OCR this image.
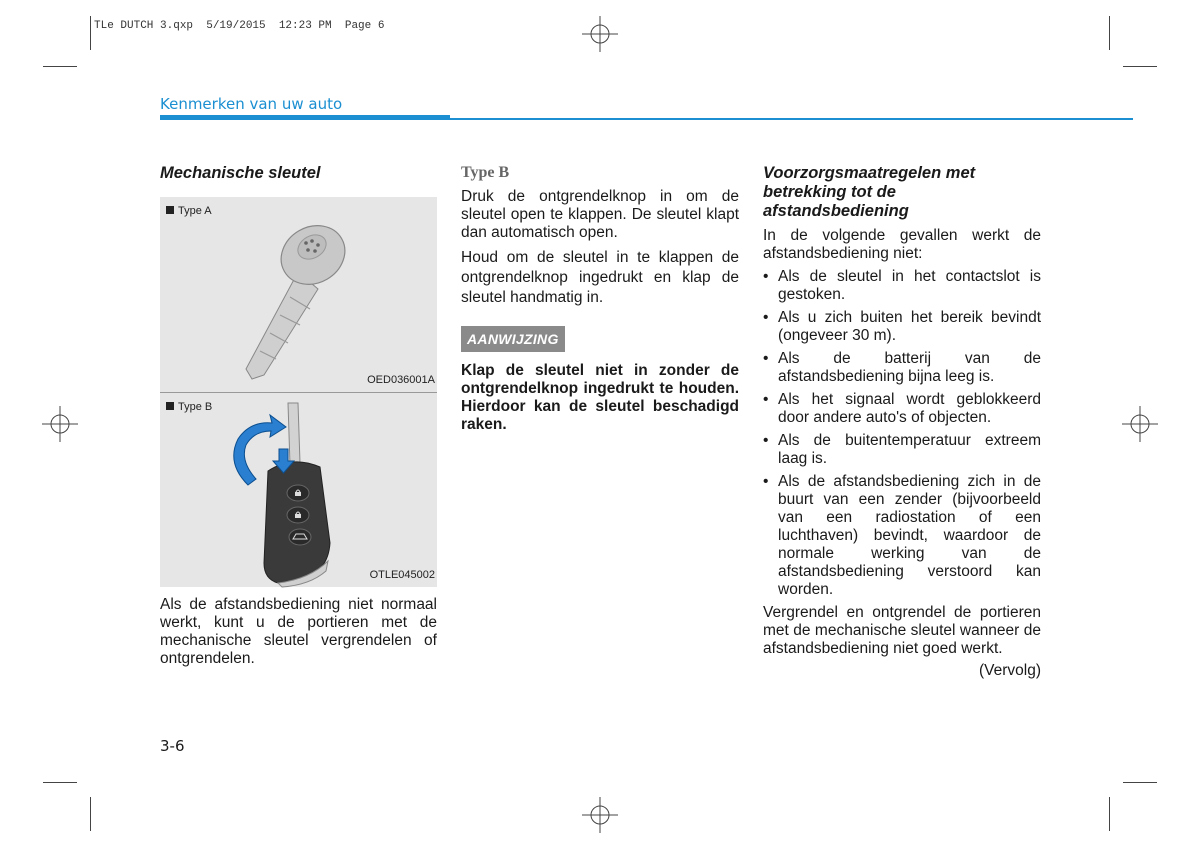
TLe DUTCH 3.qxp  5/19/2015  12:23 PM  Page 6
Kenmerken van uw auto
Mechanische sleutel
Type A
OED036001A
Type B
OTLE045002

Als de afstandsbediening niet normaal werkt, kunt u de portieren met de mechanische sleutel vergrendelen of ontgrendelen.

Type B

Druk de ontgrendelknop in om de sleutel open te klappen. De sleutel klapt dan automatisch open.

Houd om de sleutel in te klappen de ontgrendelknop ingedrukt en klap de sleutel handmatig in.

AANWIJZING

Klap de sleutel niet in zonder de ontgrendelknop ingedrukt te houden. Hierdoor kan de sleutel beschadigd raken.

Voorzorgsmaatregelen met betrekking tot de afstandsbediening

In de volgende gevallen werkt de afstandsbediening niet:

• Als de sleutel in het contactslot is gestoken.
• Als u zich buiten het bereik bevindt (ongeveer 30 m).
• Als de batterij van de afstandsbediening bijna leeg is.
• Als het signaal wordt geblokkeerd door andere auto's of objecten.
• Als de buitentemperatuur extreem laag is.
• Als de afstandsbediening zich in de buurt van een zender (bijvoorbeeld van een radiostation of een luchthaven) bevindt, waardoor de normale werking van de afstandsbediening verstoord kan worden.

Vergrendel en ontgrendel de portieren met de mechanische sleutel wanneer de afstandsbediening niet goed werkt.

(Vervolg)
3-6
